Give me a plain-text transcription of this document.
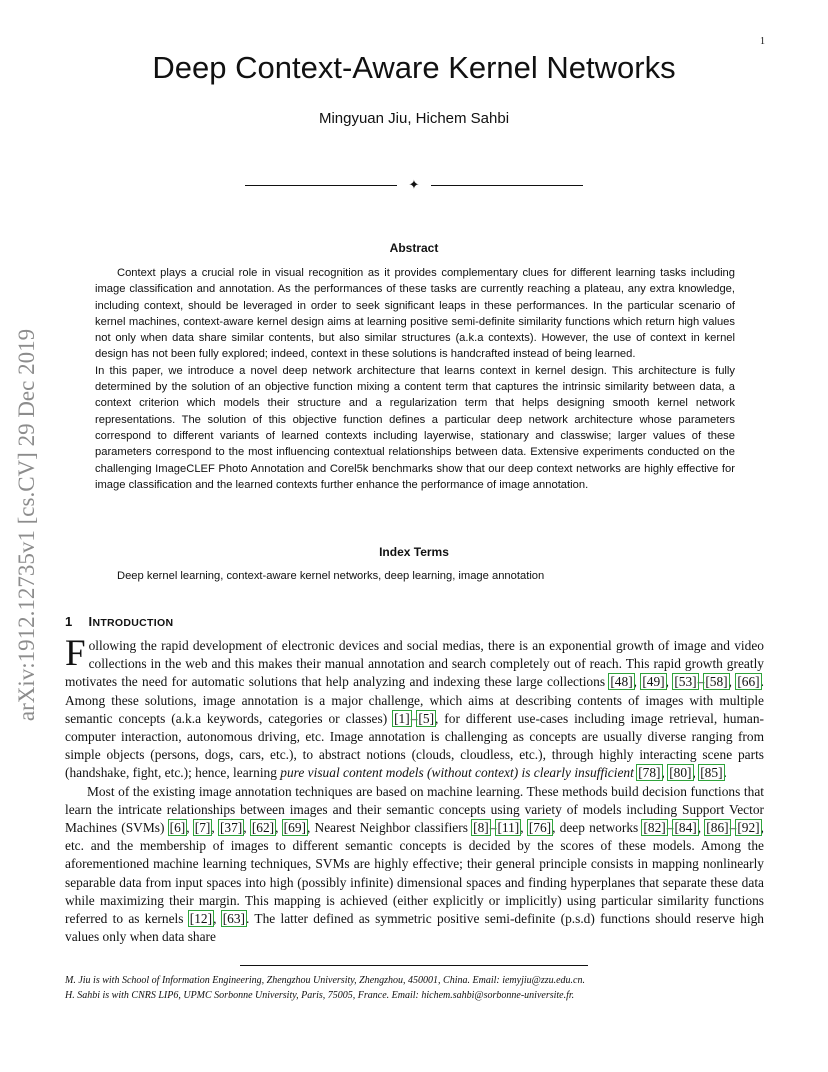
1
arXiv:1912.12735v1 [cs.CV] 29 Dec 2019
Deep Context-Aware Kernel Networks
Mingyuan Jiu, Hichem Sahbi
✦
Abstract

Context plays a crucial role in visual recognition as it provides complementary clues for different learning tasks including image classification and annotation. As the performances of these tasks are currently reaching a plateau, any extra knowledge, including context, should be leveraged in order to seek significant leaps in these performances. In the particular scenario of kernel machines, context-aware kernel design aims at learning positive semi-definite similarity functions which return high values not only when data share similar contents, but also similar structures (a.k.a contexts). However, the use of context in kernel design has not been fully explored; indeed, context in these solutions is handcrafted instead of being learned.

In this paper, we introduce a novel deep network architecture that learns context in kernel design. This architecture is fully determined by the solution of an objective function mixing a content term that captures the intrinsic similarity between data, a context criterion which models their structure and a regularization term that helps designing smooth kernel network representations. The solution of this objective function defines a particular deep network architecture whose parameters correspond to different variants of learned contexts including layerwise, stationary and classwise; larger values of these parameters correspond to the most influencing contextual relationships between data. Extensive experiments conducted on the challenging ImageCLEF Photo Annotation and Corel5k benchmarks show that our deep context networks are highly effective for image classification and the learned contexts further enhance the performance of image annotation.

Index Terms
Deep kernel learning, context-aware kernel networks, deep learning, image annotation
1 INTRODUCTION

Following the rapid development of electronic devices and social medias, there is an exponential growth of image and video collections in the web and this makes their manual annotation and search completely out of reach. This rapid growth greatly motivates the need for automatic solutions that help analyzing and indexing these large collections [48], [49], [53]–[58], [66]. Among these solutions, image annotation is a major challenge, which aims at describing contents of images with multiple semantic concepts (a.k.a keywords, categories or classes) [1]–[5], for different use-cases including image retrieval, human-computer interaction, autonomous driving, etc. Image annotation is challenging as concepts are usually diverse ranging from simple objects (persons, dogs, cars, etc.), to abstract notions (clouds, cloudless, etc.), through highly interacting scene parts (handshake, fight, etc.); hence, learning pure visual content models (without context) is clearly insufficient [78], [80], [85].

Most of the existing image annotation techniques are based on machine learning. These methods build decision functions that learn the intricate relationships between images and their semantic concepts using variety of models including Support Vector Machines (SVMs) [6], [7], [37], [62], [69], Nearest Neighbor classifiers [8]–[11], [76], deep networks [82]–[84], [86]–[92], etc. and the membership of images to different semantic concepts is decided by the scores of these models. Among the aforementioned machine learning techniques, SVMs are highly effective; their general principle consists in mapping nonlinearly separable data from input spaces into high (possibly infinite) dimensional spaces and finding hyperplanes that separate these data while maximizing their margin. This mapping is achieved (either explicitly or implicitly) using particular similarity functions referred to as kernels [12], [63]. The latter defined as symmetric positive semi-definite (p.s.d) functions should reserve high values only when data share

M. Jiu is with School of Information Engineering, Zhengzhou University, Zhengzhou, 450001, China. Email: iemyjiu@zzu.edu.cn.

H. Sahbi is with CNRS LIP6, UPMC Sorbonne University, Paris, 75005, France. Email: hichem.sahbi@sorbonne-universite.fr.
